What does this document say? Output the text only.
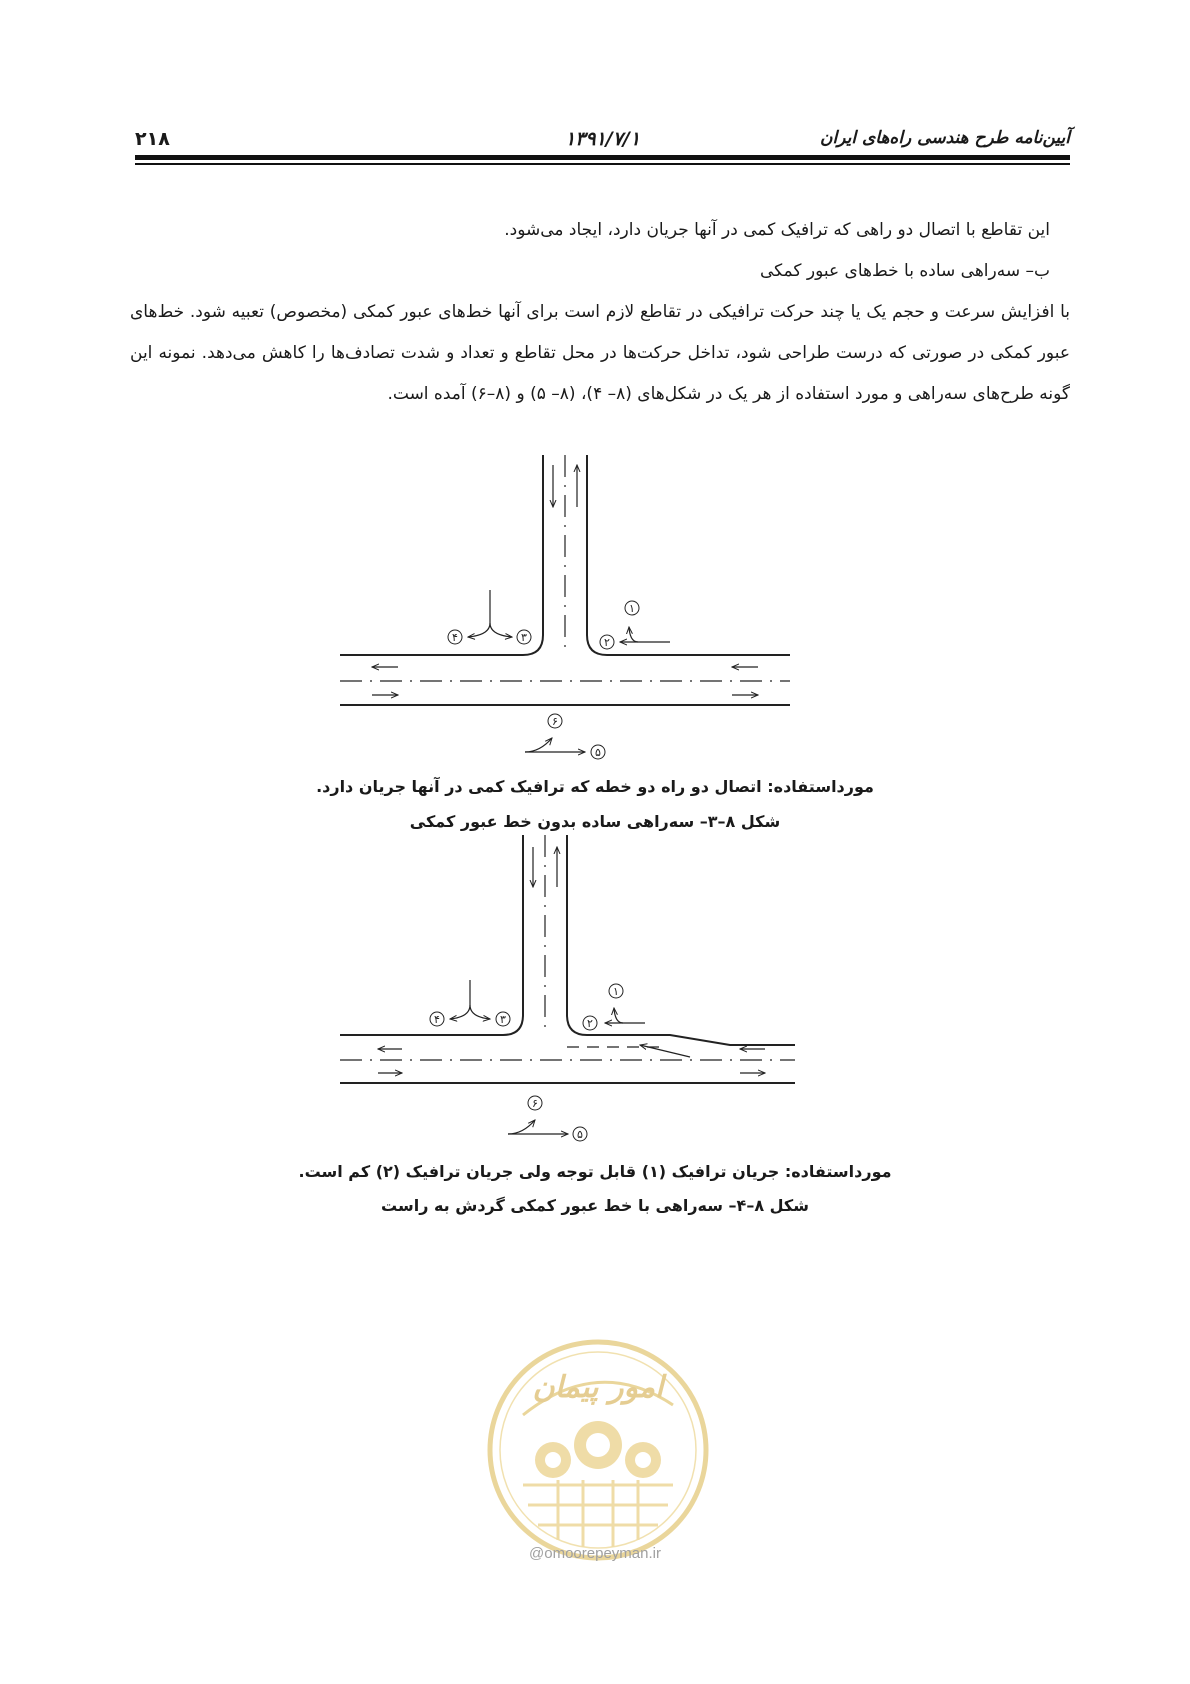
۲۱۸	۱۳۹۱/۷/۱	آیین‌نامه طرح هندسی راه‌های ایران
این تقاطع با اتصال دو راهی که ترافیک کمی در آنها جریان دارد، ایجاد می‌شود.
ب– سه‌راهی ساده با خط‌های عبور کمکی
با افزایش سرعت و حجم یک یا چند حرکت ترافیکی در تقاطع لازم است برای آنها خط‌های عبور کمکی (مخصوص) تعبیه شود. خط‌های عبور کمکی در صورتی که درست طراحی شود، تداخل حرکت‌ها در محل تقاطع و تعداد و شدت تصادف‌ها را کاهش می‌دهد. نمونه این گونه طرح‌های سه‌راهی و مورد استفاده از هر یک در شکل‌های (۸– ۴)، (۸– ۵) و (۸–۶) آمده است.
۴	۳
۱
۲
۶
۵
مورداستفاده: اتصال دو راه دو خطه که ترافیک کمی در آنها جریان دارد.
شکل ۸–۳– سه‌راهی ساده بدون خط عبور کمکی
۴	۳
۱
۲
۶
۵
مورداستفاده: جریان ترافیک (۱) قابل توجه ولی جریان ترافیک (۲) کم است.
شکل ۸–۴– سه‌راهی با خط عبور کمکی گردش به راست
امور پیمان
@omoorepeyman.ir
